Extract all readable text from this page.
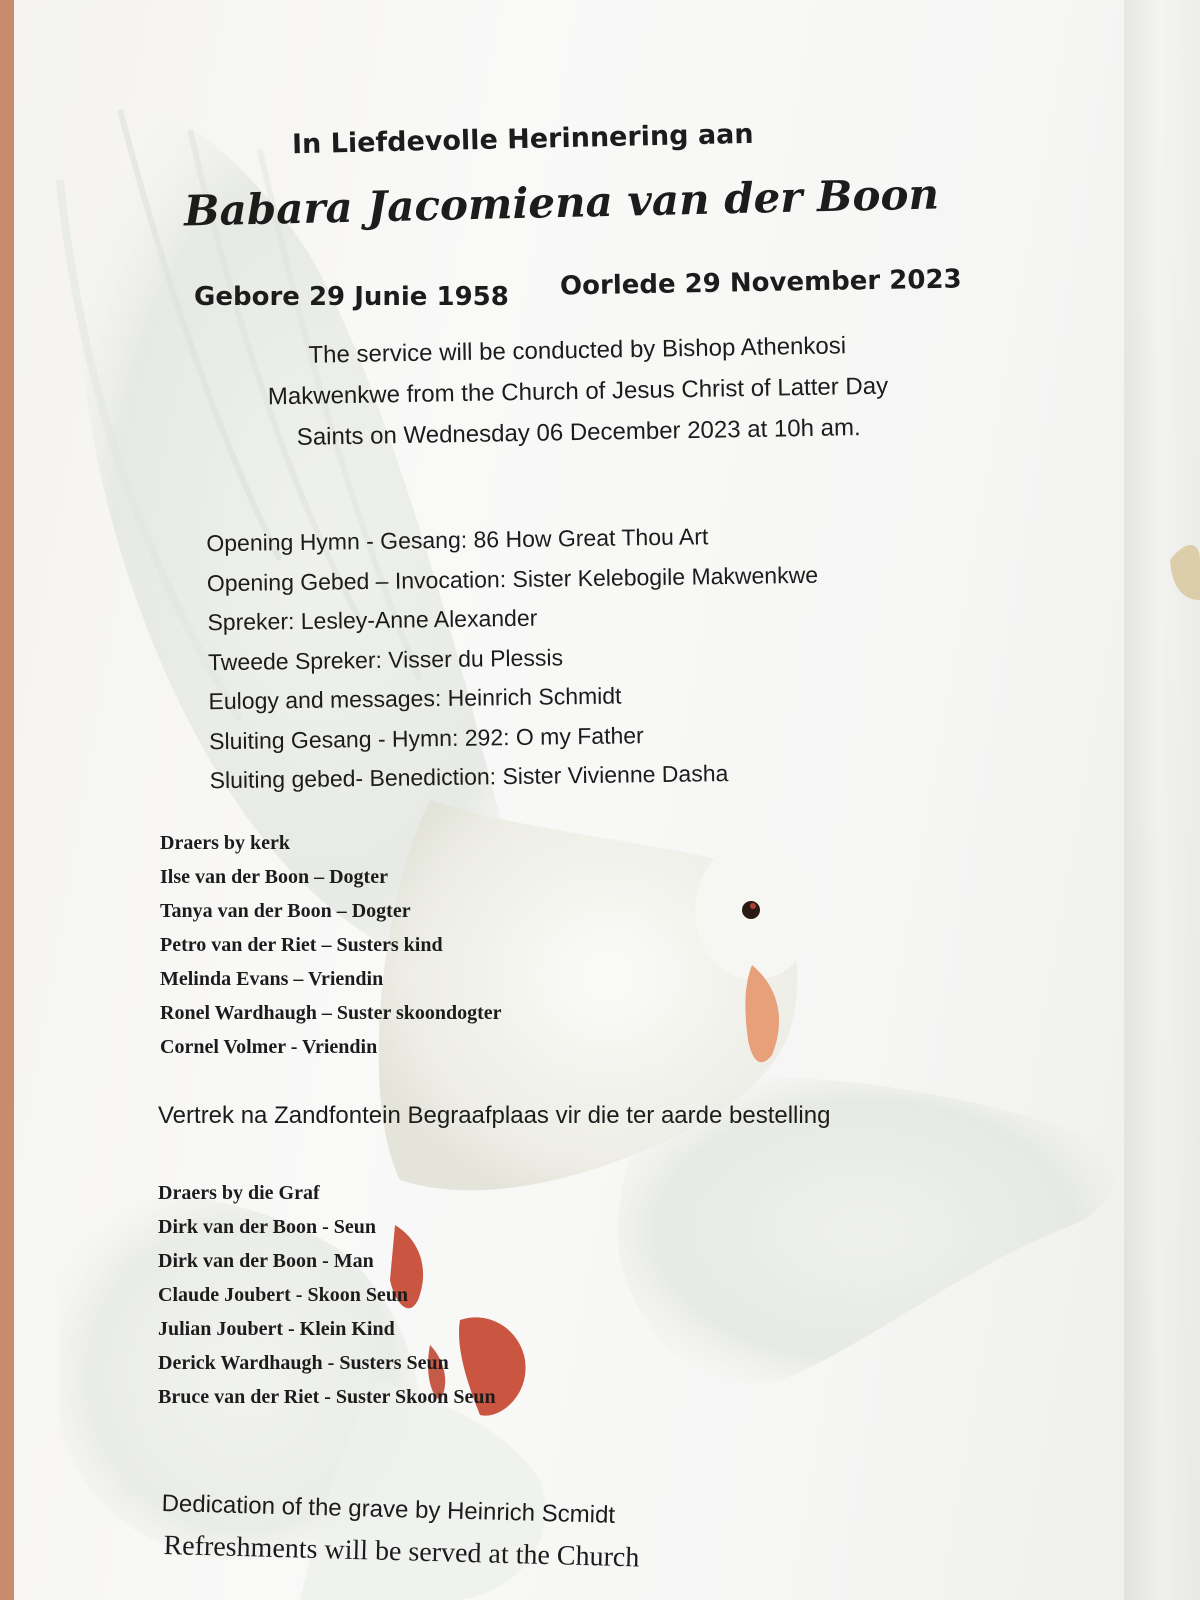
In Liefdevolle Herinnering aan
Babara Jacomiena van der Boon
Gebore 29 Junie 1958 Oorlede 29 November 2023
The service will be conducted by Bishop Athenkosi
Makwenkwe from the Church of Jesus Christ of Latter Day
Saints on Wednesday 06 December 2023 at 10h am.
Opening Hymn - Gesang: 86 How Great Thou Art
Opening Gebed – Invocation: Sister Kelebogile Makwenkwe
Spreker: Lesley-Anne Alexander
Tweede Spreker: Visser du Plessis
Eulogy and messages: Heinrich Schmidt
Sluiting Gesang - Hymn: 292: O my Father
Sluiting gebed- Benediction: Sister Vivienne Dasha
Draers by kerk
Ilse van der Boon – Dogter
Tanya van der Boon – Dogter
Petro van der Riet – Susters kind
Melinda Evans – Vriendin
Ronel Wardhaugh – Suster skoondogter
Cornel Volmer - Vriendin
Vertrek na Zandfontein Begraafplaas vir die ter aarde bestelling
Draers by die Graf
Dirk van der Boon - Seun
Dirk van der Boon - Man
Claude Joubert - Skoon Seun
Julian Joubert - Klein Kind
Derick Wardhaugh - Susters Seun
Bruce van der Riet - Suster Skoon Seun
Dedication of the grave by Heinrich Scmidt
Refreshments will be served at the Church
